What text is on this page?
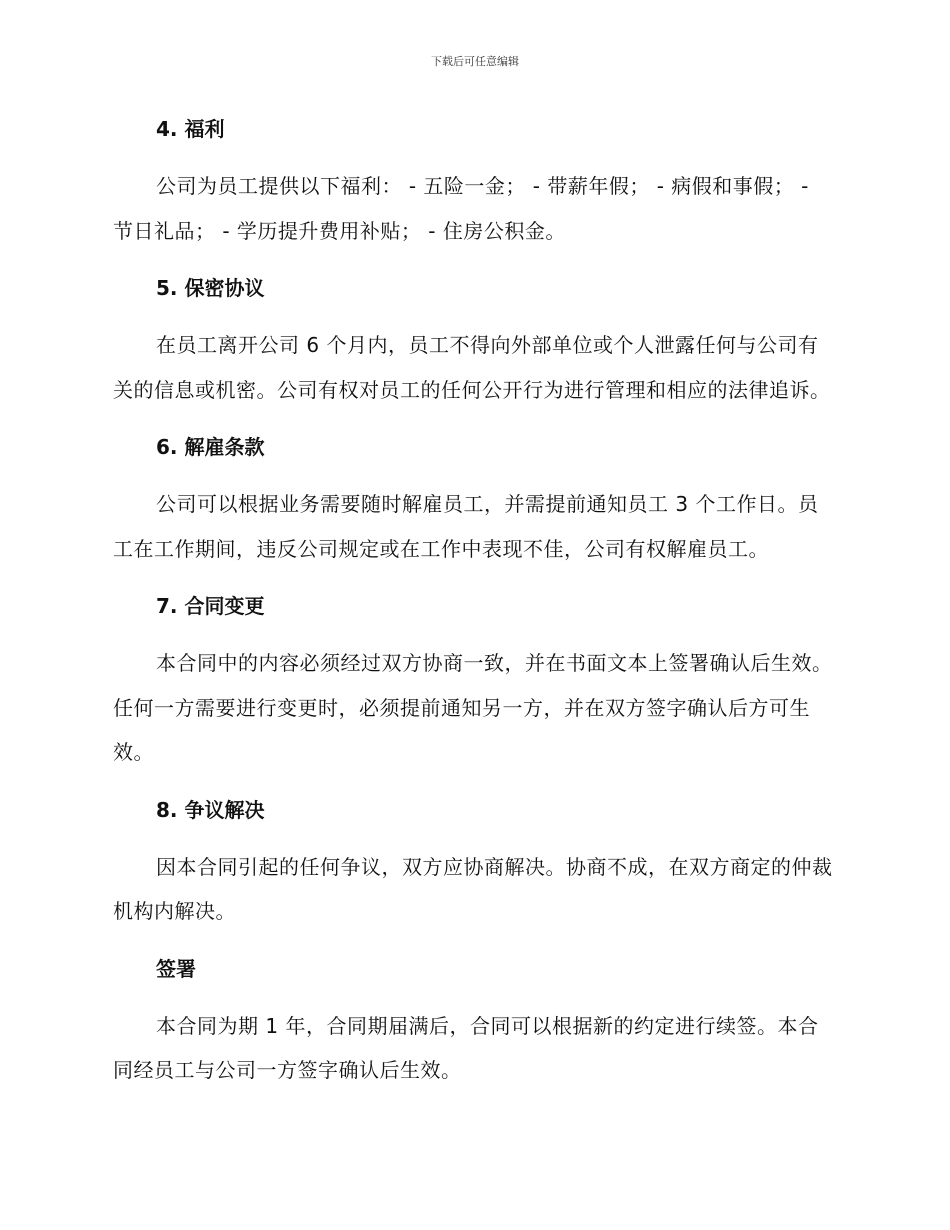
下载后可任意编辑
4. 福利

公司为员工提供以下福利： - 五险一金； - 带薪年假； - 病假和事假； - 节日礼品； - 学历提升费用补贴； - 住房公积金。

5. 保密协议

在员工离开公司 6 个月内，员工不得向外部单位或个人泄露任何与公司有关的信息或机密。公司有权对员工的任何公开行为进行管理和相应的法律追诉。

6. 解雇条款

公司可以根据业务需要随时解雇员工，并需提前通知员工 3 个工作日。员工在工作期间，违反公司规定或在工作中表现不佳，公司有权解雇员工。

7. 合同变更

本合同中的内容必须经过双方协商一致，并在书面文本上签署确认后生效。任何一方需要进行变更时，必须提前通知另一方，并在双方签字确认后方可生效。

8. 争议解决

因本合同引起的任何争议，双方应协商解决。协商不成，在双方商定的仲裁机构内解决。

签署

本合同为期 1 年，合同期届满后，合同可以根据新的约定进行续签。本合同经员工与公司一方签字确认后生效。
